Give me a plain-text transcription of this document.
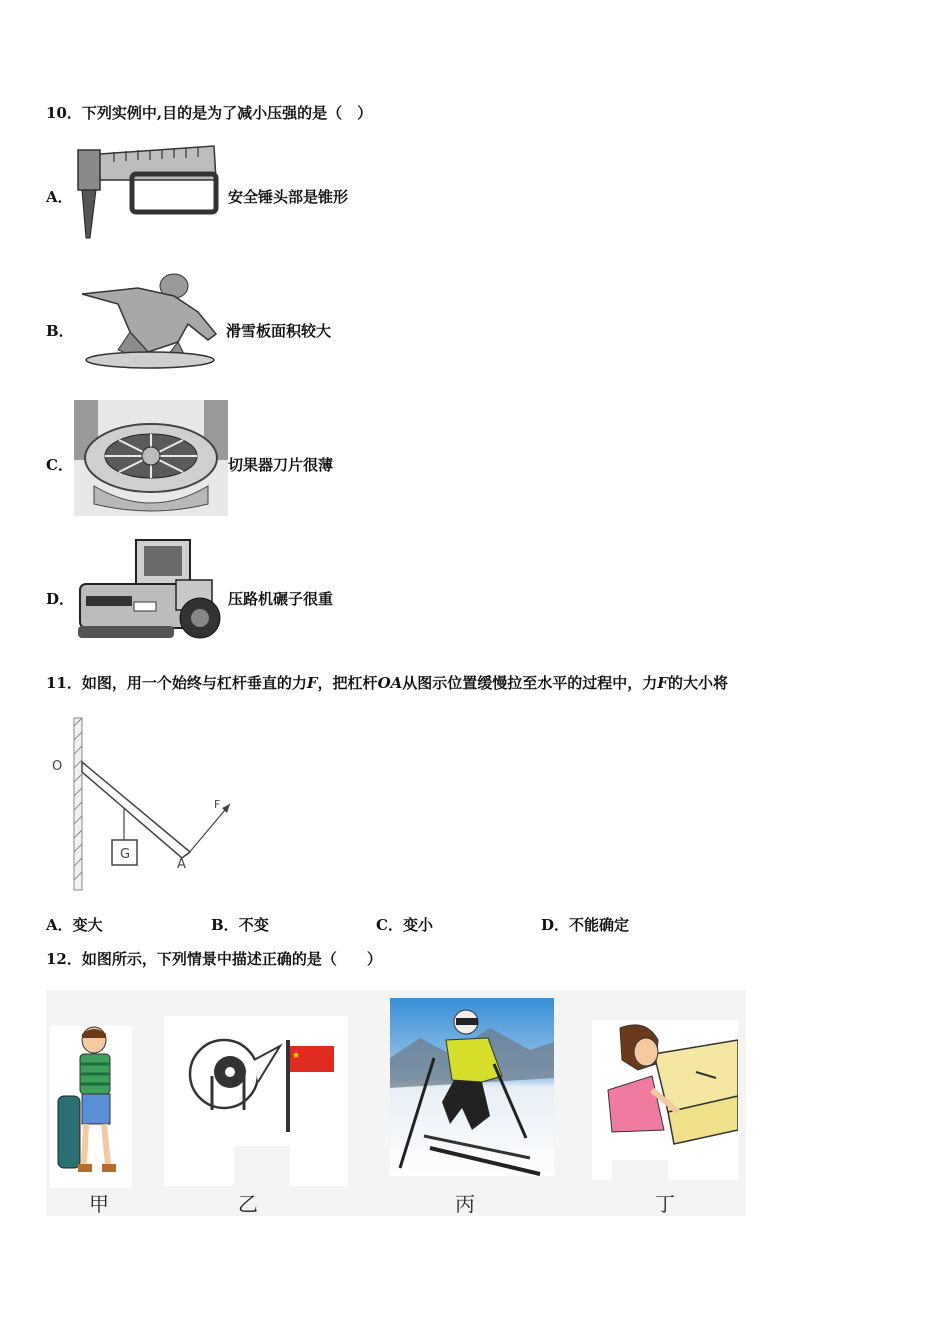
10．下列实例中,目的是为了减小压强的是（　）
A．	安全锤头部是锥形
B．	滑雪板面积较大
C．	切果器刀片很薄
D．	压路机碾子很重
11．如图，用一个始终与杠杆垂直的力F，把杠杆OA从图示位置缓慢拉至水平的过程中，力F的大小将
O
G
A
F
A．变大	B．不变	C．变小	D．不能确定
12．如图所示，下列情景中描述正确的是（　　）
甲
★
乙	丙	丁
